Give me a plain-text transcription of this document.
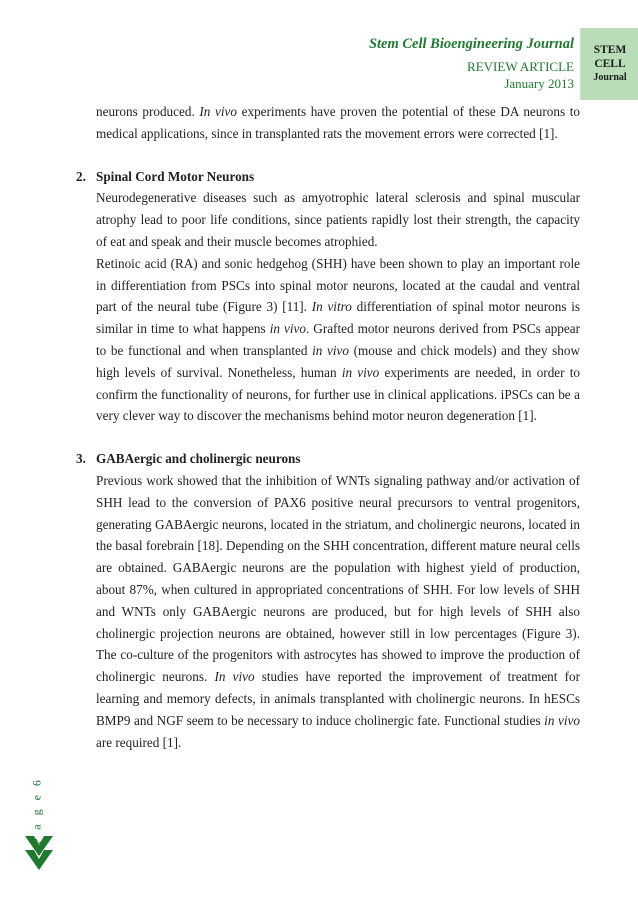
Stem Cell Bioengineering Journal
REVIEW ARTICLE
January 2013
STEM
CELL
Journal

neurons produced. In vivo experiments have proven the potential of these DA neurons to medical applications, since in transplanted rats the movement errors were corrected [1].

2. Spinal Cord Motor Neurons

Neurodegenerative diseases such as amyotrophic lateral sclerosis and spinal muscular atrophy lead to poor life conditions, since patients rapidly lost their strength, the capacity of eat and speak and their muscle becomes atrophied.

Retinoic acid (RA) and sonic hedgehog (SHH) have been shown to play an important role in differentiation from PSCs into spinal motor neurons, located at the caudal and ventral part of the neural tube (Figure 3) [11]. In vitro differentiation of spinal motor neurons is similar in time to what happens in vivo. Grafted motor neurons derived from PSCs appear to be functional and when transplanted in vivo (mouse and chick models) and they show high levels of survival. Nonetheless, human in vivo experiments are needed, in order to confirm the functionality of neurons, for further use in clinical applications. iPSCs can be a very clever way to discover the mechanisms behind motor neuron degeneration [1].

3. GABAergic and cholinergic neurons

Previous work showed that the inhibition of WNTs signaling pathway and/or activation of SHH lead to the conversion of PAX6 positive neural precursors to ventral progenitors, generating GABAergic neurons, located in the striatum, and cholinergic neurons, located in the basal forebrain [18]. Depending on the SHH concentration, different mature neural cells are obtained. GABAergic neurons are the population with highest yield of production, about 87%, when cultured in appropriated concentrations of SHH. For low levels of SHH and WNTs only GABAergic neurons are produced, but for high levels of SHH also cholinergic projection neurons are obtained, however still in low percentages (Figure 3). The co-culture of the progenitors with astrocytes has showed to improve the production of cholinergic neurons. In vivo studies have reported the improvement of treatment for learning and memory defects, in animals transplanted with cholinergic neurons. In hESCs BMP9 and NGF seem to be necessary to induce cholinergic fate. Functional studies in vivo are required [1].

P a g e 6
